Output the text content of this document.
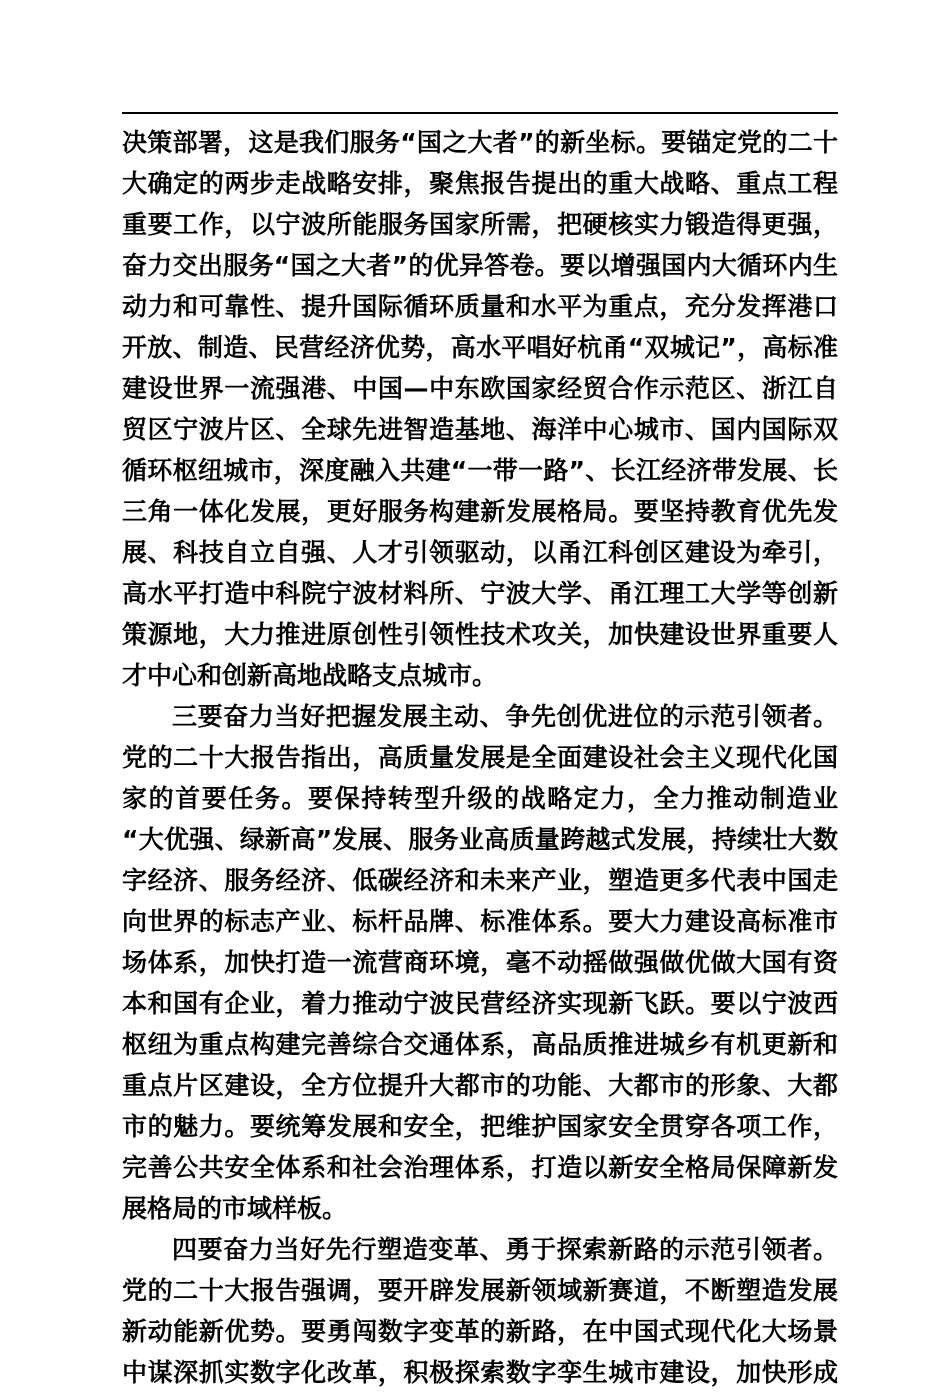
决策部署，这是我们服务“国之大者”的新坐标。要锚定党的二十
大确定的两步走战略安排，聚焦报告提出的重大战略、重点工程
重要工作，以宁波所能服务国家所需，把硬核实力锻造得更强，
奋力交出服务“国之大者”的优异答卷。要以增强国内大循环内生
动力和可靠性、提升国际循环质量和水平为重点，充分发挥港口
开放、制造、民营经济优势，高水平唱好杭甬“双城记”，高标准
建设世界一流强港、中国—中东欧国家经贸合作示范区、浙江自
贸区宁波片区、全球先进智造基地、海洋中心城市、国内国际双
循环枢纽城市，深度融入共建“一带一路”、长江经济带发展、长
三角一体化发展，更好服务构建新发展格局。要坚持教育优先发
展、科技自立自强、人才引领驱动，以甬江科创区建设为牵引，
高水平打造中科院宁波材料所、宁波大学、甬江理工大学等创新
策源地，大力推进原创性引领性技术攻关，加快建设世界重要人
才中心和创新高地战略支点城市。
三要奋力当好把握发展主动、争先创优进位的示范引领者。
党的二十大报告指出，高质量发展是全面建设社会主义现代化国
家的首要任务。要保持转型升级的战略定力，全力推动制造业
“大优强、绿新高”发展、服务业高质量跨越式发展，持续壮大数
字经济、服务经济、低碳经济和未来产业，塑造更多代表中国走
向世界的标志产业、标杆品牌、标准体系。要大力建设高标准市
场体系，加快打造一流营商环境，毫不动摇做强做优做大国有资
本和国有企业，着力推动宁波民营经济实现新飞跃。要以宁波西
枢纽为重点构建完善综合交通体系，高品质推进城乡有机更新和
重点片区建设，全方位提升大都市的功能、大都市的形象、大都
市的魅力。要统筹发展和安全，把维护国家安全贯穿各项工作，
完善公共安全体系和社会治理体系，打造以新安全格局保障新发
展格局的市域样板。
四要奋力当好先行塑造变革、勇于探索新路的示范引领者。
党的二十大报告强调，要开辟发展新领域新赛道，不断塑造发展
新动能新优势。要勇闯数字变革的新路，在中国式现代化大场景
中谋深抓实数字化改革，积极探索数字孪生城市建设，加快形成
